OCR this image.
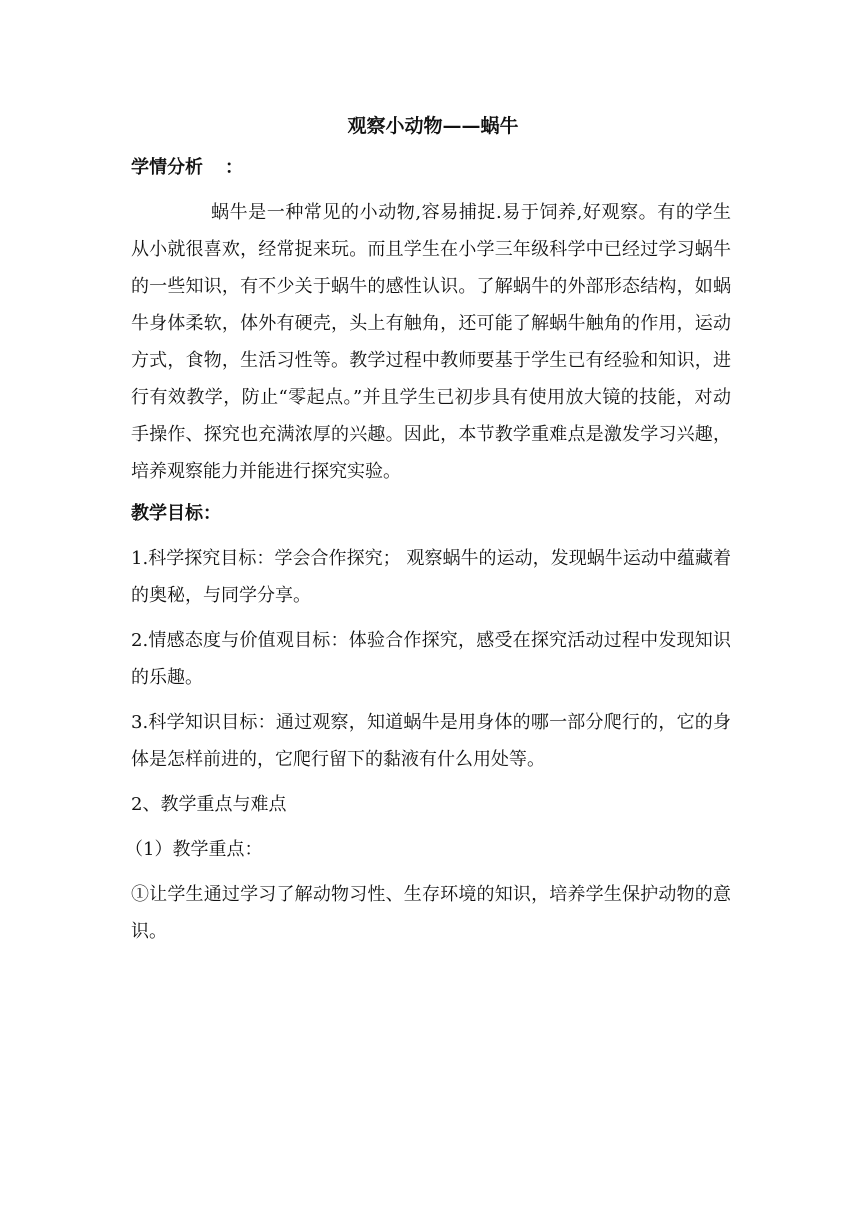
观察小动物——蜗牛
学情分析 ：

蜗牛是一种常见的小动物,容易捕捉.易于饲养,好观察。有的学生从小就很喜欢，经常捉来玩。而且学生在小学三年级科学中已经过学习蜗牛的一些知识，有不少关于蜗牛的感性认识。了解蜗牛的外部形态结构，如蜗牛身体柔软，体外有硬壳，头上有触角，还可能了解蜗牛触角的作用，运动方式，食物，生活习性等。教学过程中教师要基于学生已有经验和知识，进行有效教学，防止“零起点。”并且学生已初步具有使用放大镜的技能，对动手操作、探究也充满浓厚的兴趣。因此，本节教学重难点是激发学习兴趣，培养观察能力并能进行探究实验。

教学目标：

1.科学探究目标：学会合作探究； 观察蜗牛的运动，发现蜗牛运动中蕴藏着的奥秘，与同学分享。

2.情感态度与价值观目标：体验合作探究，感受在探究活动过程中发现知识的乐趣。

3.科学知识目标：通过观察，知道蜗牛是用身体的哪一部分爬行的，它的身体是怎样前进的，它爬行留下的黏液有什么用处等。

2、教学重点与难点

（1）教学重点：

①让学生通过学习了解动物习性、生存环境的知识，培养学生保护动物的意识。
